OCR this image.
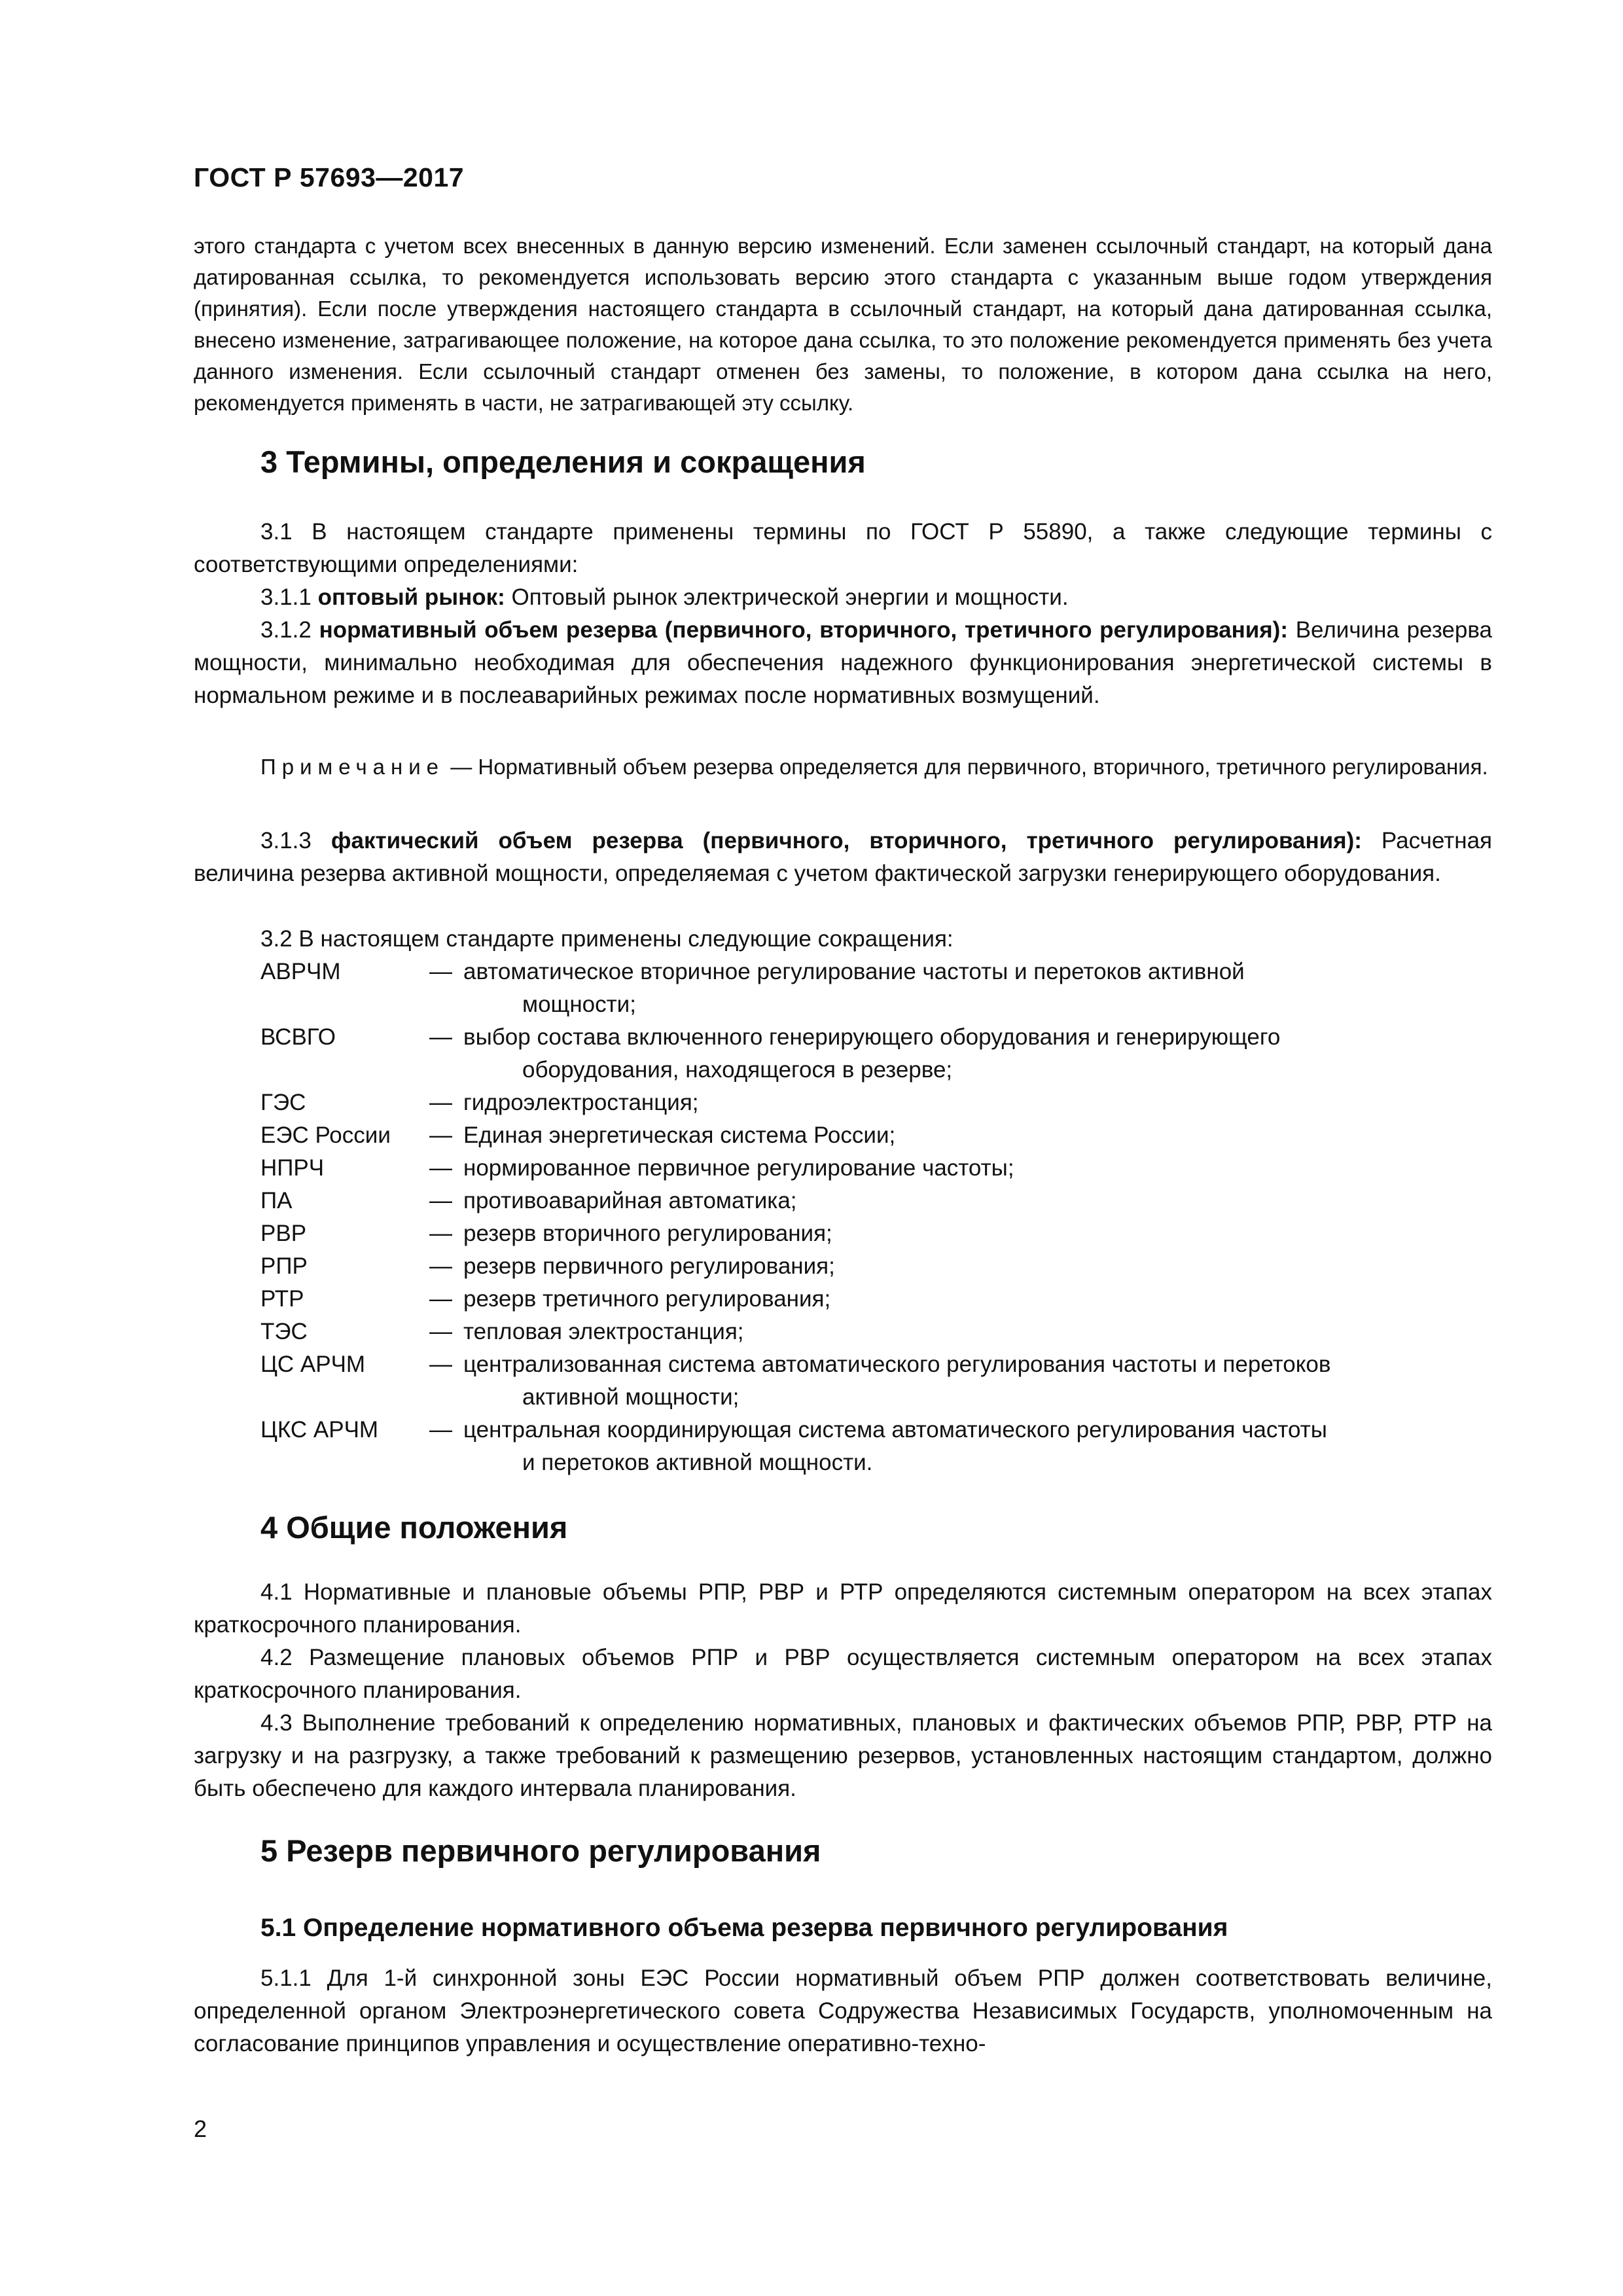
ГОСТ Р 57693—2017
этого стандарта с учетом всех внесенных в данную версию изменений. Если заменен ссылочный стандарт, на который дана датированная ссылка, то рекомендуется использовать версию этого стандарта с указанным выше годом утверждения (принятия). Если после утверждения настоящего стандарта в ссылочный стандарт, на который дана датированная ссылка, внесено изменение, затрагивающее положение, на которое дана ссылка, то это положение рекомендуется применять без учета данного изменения. Если ссылочный стандарт отменен без замены, то положение, в котором дана ссылка на него, рекомендуется применять в части, не затрагивающей эту ссылку.
3 Термины, определения и сокращения
3.1 В настоящем стандарте применены термины по ГОСТ Р 55890, а также следующие термины с соответствующими определениями:
3.1.1 оптовый рынок: Оптовый рынок электрической энергии и мощности.
3.1.2 нормативный объем резерва (первичного, вторичного, третичного регулирования): Величина резерва мощности, минимально необходимая для обеспечения надежного функционирования энергетической системы в нормальном режиме и в послеаварийных режимах после нормативных возмущений.
Примечание — Нормативный объем резерва определяется для первичного, вторичного, третичного регулирования.
3.1.3 фактический объем резерва (первичного, вторичного, третичного регулирования): Расчетная величина резерва активной мощности, определяемая с учетом фактической загрузки генерирующего оборудования.
3.2 В настоящем стандарте применены следующие сокращения:
АВРЧМ	— автоматическое вторичное регулирование частоты и перетоков активной
мощности;
ВСВГО	— выбор состава включенного генерирующего оборудования и генерирующего
оборудования, находящегося в резерве;
ГЭС	— гидроэлектростанция;
ЕЭС России	— Единая энергетическая система России;
НПРЧ	— нормированное первичное регулирование частоты;
ПА	— противоаварийная автоматика;
РВР	— резерв вторичного регулирования;
РПР	— резерв первичного регулирования;
РТР	— резерв третичного регулирования;
ТЭС	— тепловая электростанция;
ЦС АРЧМ	— централизованная система автоматического регулирования частоты и перетоков
активной мощности;
ЦКС АРЧМ	— центральная координирующая система автоматического регулирования частоты
и перетоков активной мощности.
4 Общие положения
4.1 Нормативные и плановые объемы РПР, РВР и РТР определяются системным оператором на всех этапах краткосрочного планирования.
4.2 Размещение плановых объемов РПР и РВР осуществляется системным оператором на всех этапах краткосрочного планирования.
4.3 Выполнение требований к определению нормативных, плановых и фактических объемов РПР, РВР, РТР на загрузку и на разгрузку, а также требований к размещению резервов, установленных настоящим стандартом, должно быть обеспечено для каждого интервала планирования.
5 Резерв первичного регулирования
5.1 Определение нормативного объема резерва первичного регулирования
5.1.1 Для 1-й синхронной зоны ЕЭС России нормативный объем РПР должен соответствовать величине, определенной органом Электроэнергетического совета Содружества Независимых Государств, уполномоченным на согласование принципов управления и осуществление оперативно-техно-
2
